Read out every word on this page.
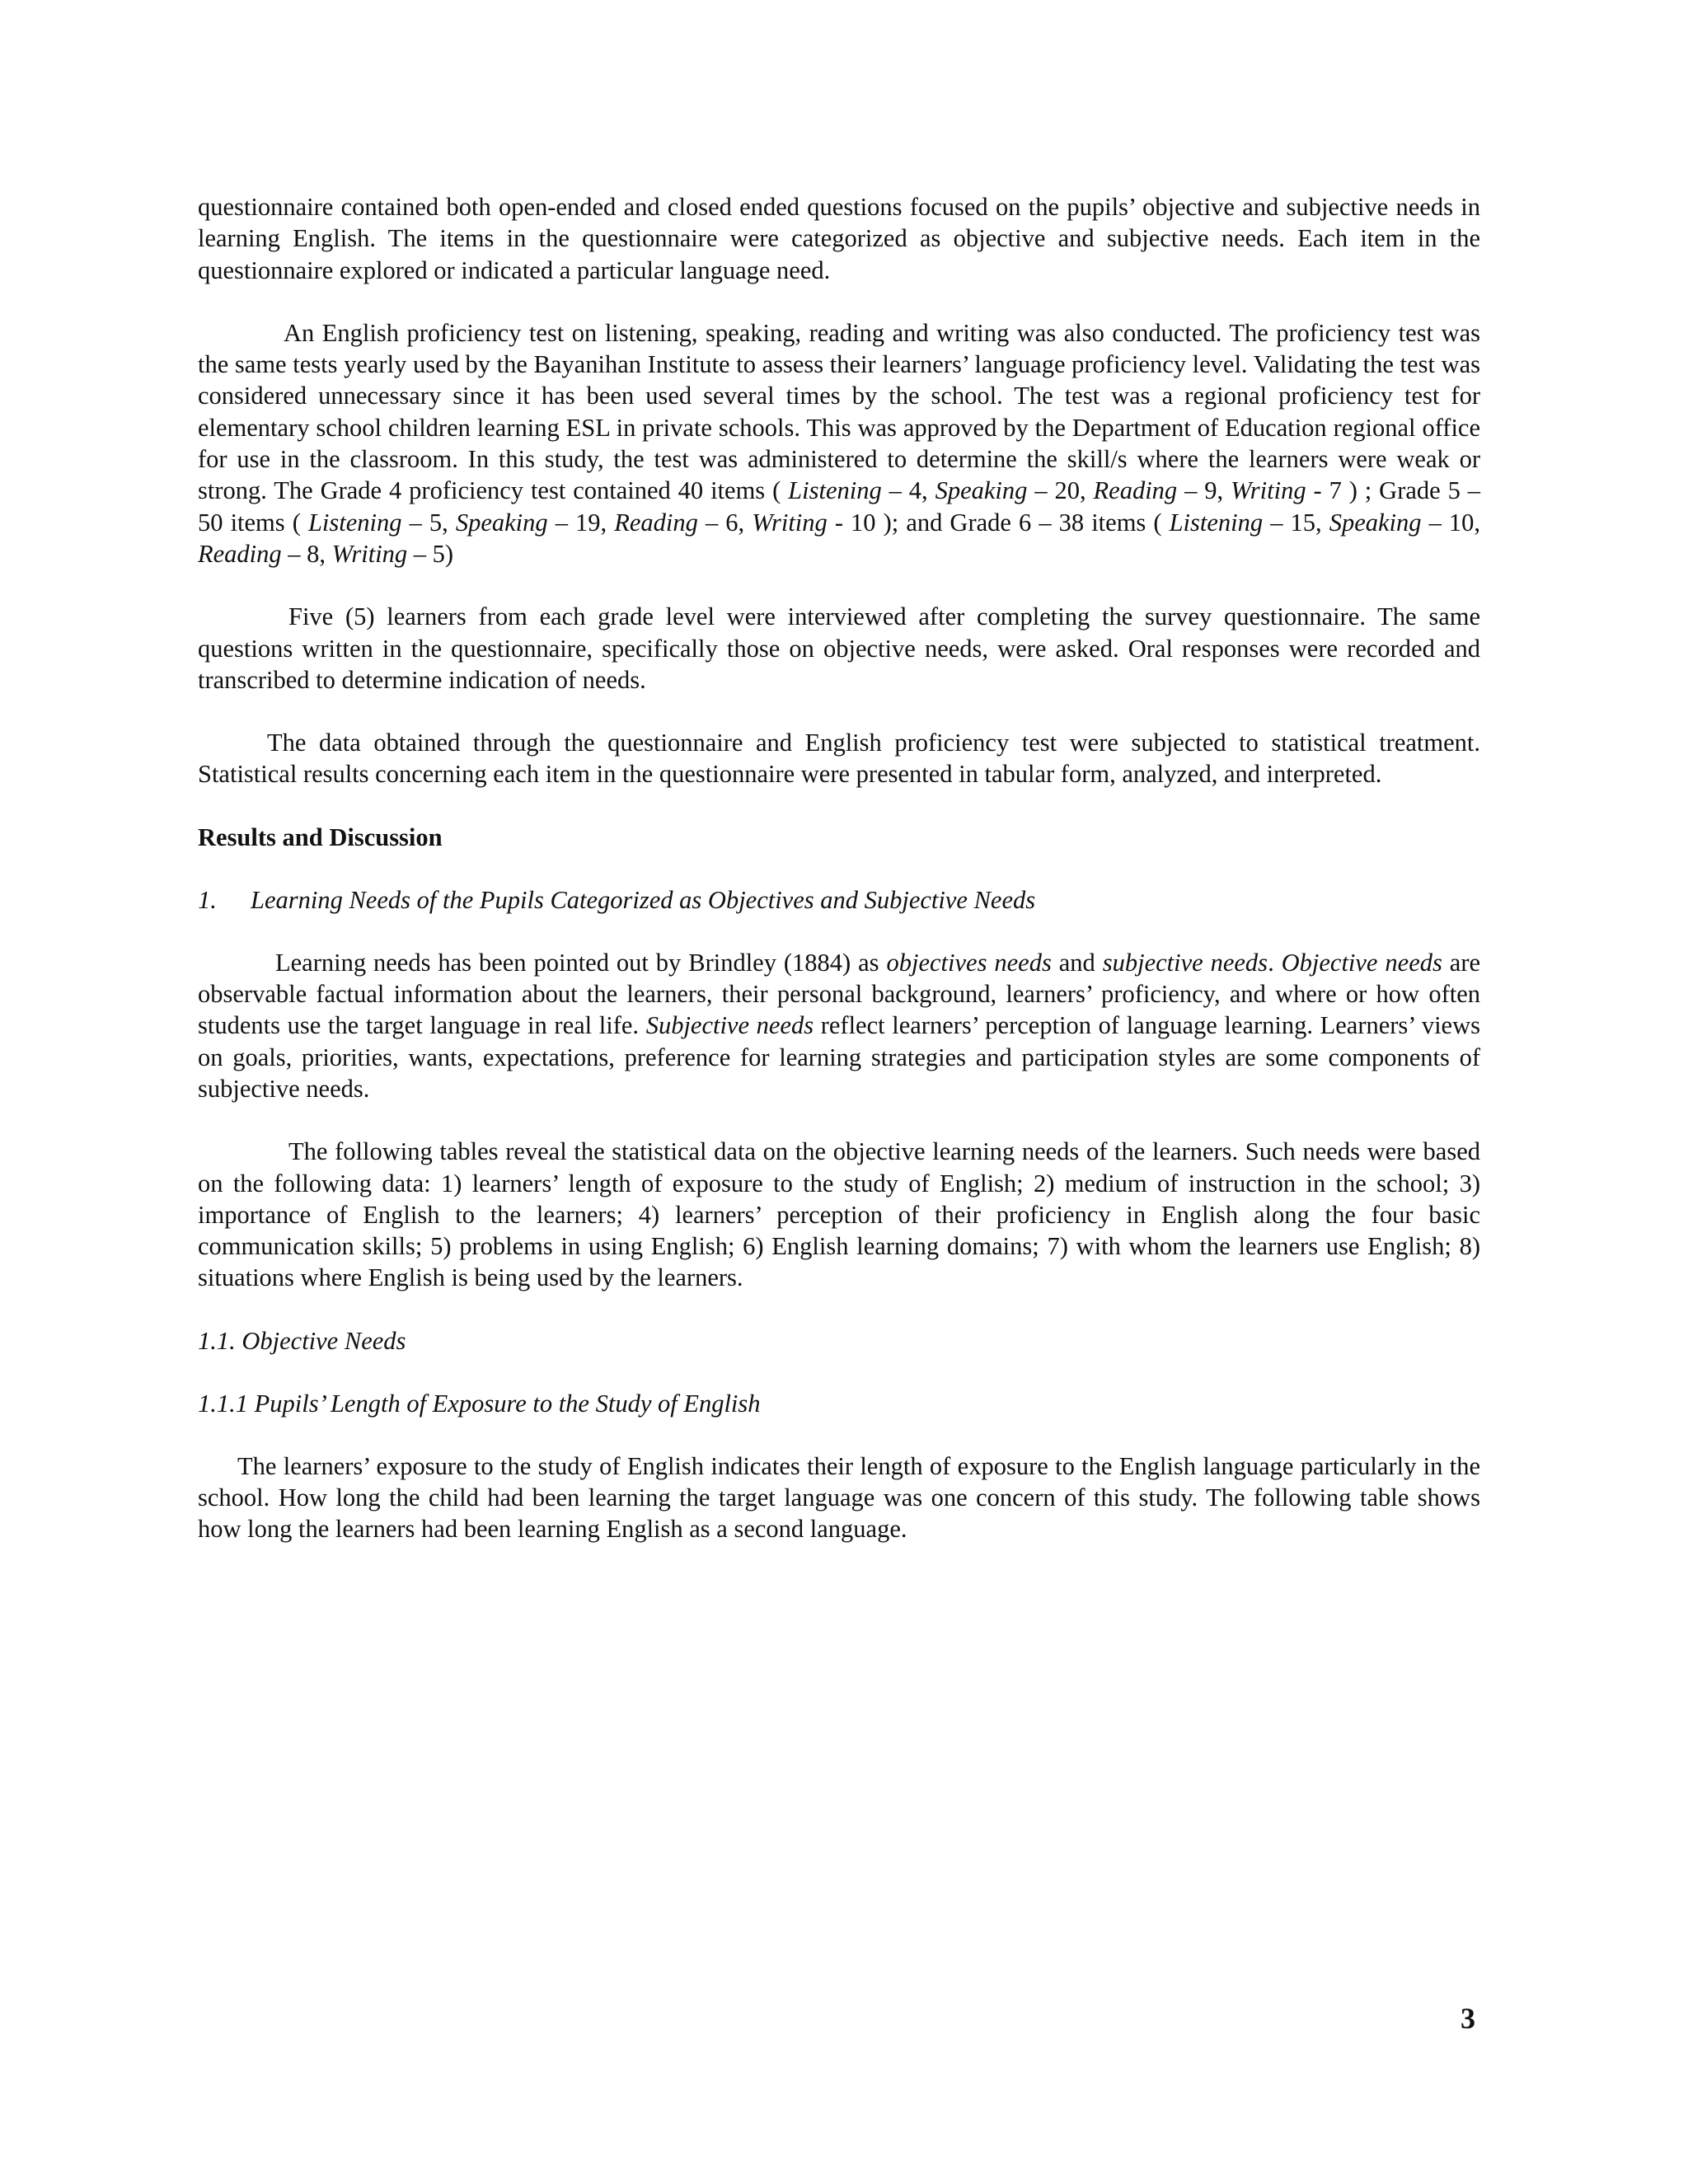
questionnaire contained both open-ended and closed ended questions focused on the pupils’ objective and subjective needs in learning English. The items in the questionnaire were categorized as objective and subjective needs. Each item in the questionnaire explored or indicated a particular language need.

An English proficiency test on listening, speaking, reading and writing was also conducted. The proficiency test was the same tests yearly used by the Bayanihan Institute to assess their learners’ language proficiency level. Validating the test was considered unnecessary since it has been used several times by the school. The test was a regional proficiency test for elementary school children learning ESL in private schools. This was approved by the Department of Education regional office for use in the classroom. In this study, the test was administered to determine the skill/s where the learners were weak or strong. The Grade 4 proficiency test contained 40 items ( Listening – 4, Speaking – 20, Reading – 9, Writing - 7 ) ; Grade 5 – 50 items ( Listening – 5, Speaking – 19, Reading – 6, Writing - 10 ); and Grade 6 – 38 items ( Listening – 15, Speaking – 10, Reading – 8, Writing – 5)

Five (5) learners from each grade level were interviewed after completing the survey questionnaire. The same questions written in the questionnaire, specifically those on objective needs, were asked. Oral responses were recorded and transcribed to determine indication of needs.

The data obtained through the questionnaire and English proficiency test were subjected to statistical treatment. Statistical results concerning each item in the questionnaire were presented in tabular form, analyzed, and interpreted.

Results and Discussion
1. Learning Needs of the Pupils Categorized as Objectives and Subjective Needs

Learning needs has been pointed out by Brindley (1884) as objectives needs and subjective needs. Objective needs are observable factual information about the learners, their personal background, learners’ proficiency, and where or how often students use the target language in real life. Subjective needs reflect learners’ perception of language learning. Learners’ views on goals, priorities, wants, expectations, preference for learning strategies and participation styles are some components of subjective needs.

The following tables reveal the statistical data on the objective learning needs of the learners. Such needs were based on the following data: 1) learners’ length of exposure to the study of English; 2) medium of instruction in the school; 3) importance of English to the learners; 4) learners’ perception of their proficiency in English along the four basic communication skills; 5) problems in using English; 6) English learning domains; 7) with whom the learners use English; 8) situations where English is being used by the learners.

1.1. Objective Needs
1.1.1 Pupils’ Length of Exposure to the Study of English

The learners’ exposure to the study of English indicates their length of exposure to the English language particularly in the school. How long the child had been learning the target language was one concern of this study. The following table shows how long the learners had been learning English as a second language.

3
